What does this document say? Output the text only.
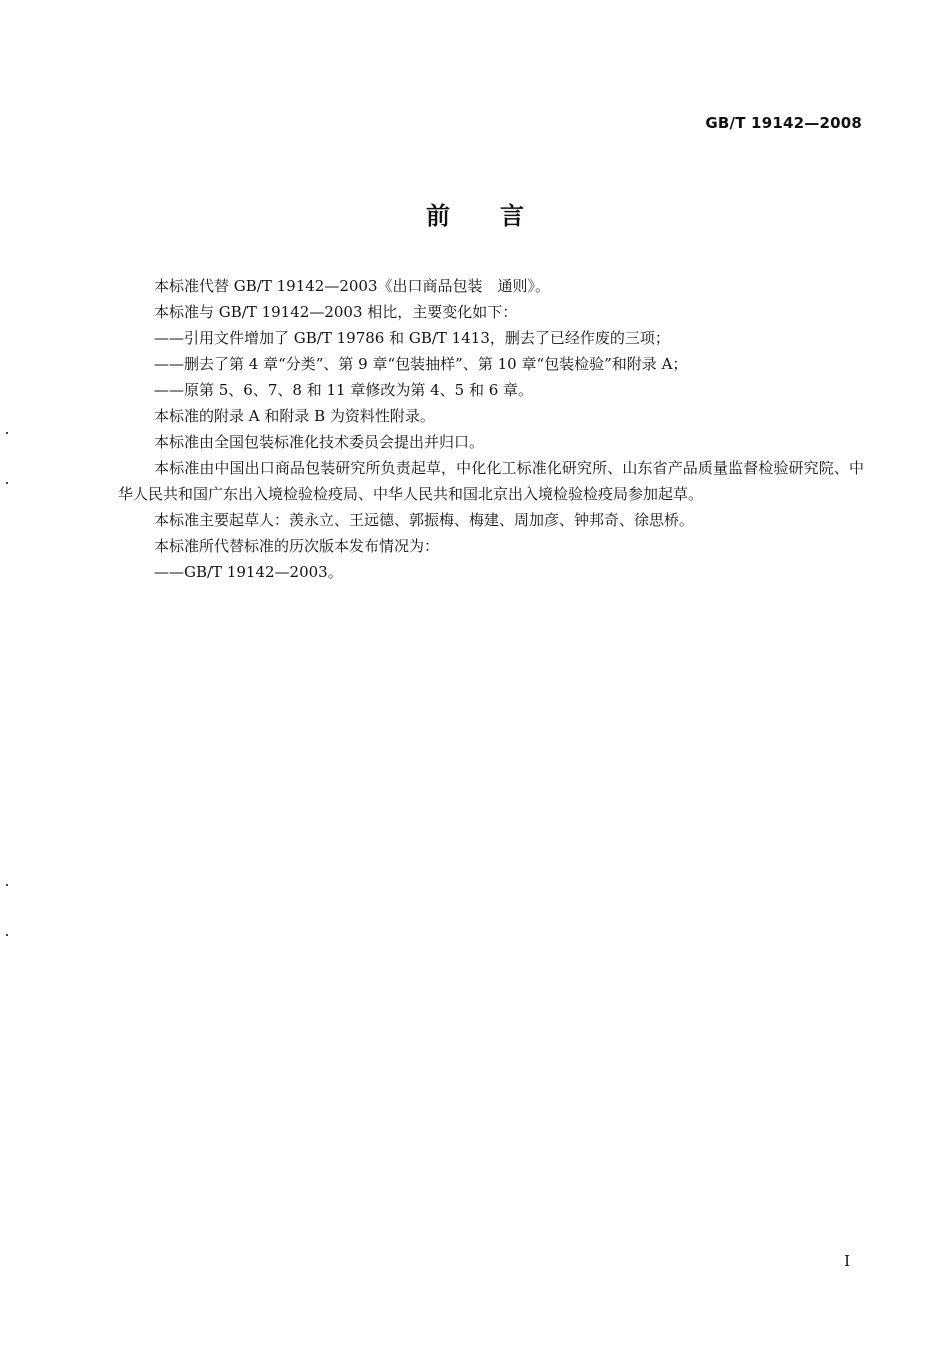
GB/T 19142—2008
前言

本标准代替 GB/T 19142—2003《出口商品包装　通则》。

本标准与 GB/T 19142—2003 相比，主要变化如下：

——引用文件增加了 GB/T 19786 和 GB/T 1413，删去了已经作废的三项；

——删去了第 4 章“分类”、第 9 章“包装抽样”、第 10 章“包装检验”和附录 A；

——原第 5、6、7、8 和 11 章修改为第 4、5 和 6 章。

本标准的附录 A 和附录 B 为资料性附录。

本标准由全国包装标准化技术委员会提出并归口。

本标准由中国出口商品包装研究所负责起草，中化化工标准化研究所、山东省产品质量监督检验研究院、中华人民共和国广东出入境检验检疫局、中华人民共和国北京出入境检验检疫局参加起草。

本标准主要起草人：羡永立、王远德、郭振梅、梅建、周加彦、钟邦奇、徐思桥。

本标准所代替标准的历次版本发布情况为：

——GB/T 19142—2003。

I
